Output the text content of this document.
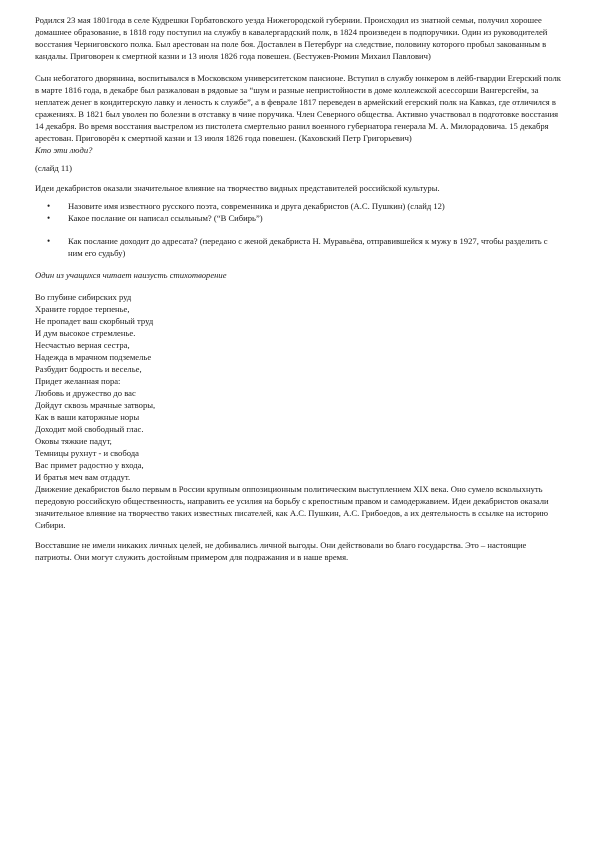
Родился 23 мая 1801года в селе Кудрешки Горбатовского уезда Нижегородской губернии. Происходил из знатной семьи, получил хорошее домашнее образование, в 1818 году поступил на службу в кавалергардский полк, в 1824 произведен в подпоручики. Один из руководителей восстания Черниговского полка. Был арестован на поле боя. Доставлен в Петербург на следствие, половину которого пробыл закованным в кандалы. Приговорен к смертной казни и 13 июля 1826 года повешен. (Бестужев-Рюмин Михаил Павлович)

Сын небогатого дворянина, воспитывался в Московском университетском пансионе. Вступил в службу юнкером в лейб-гвардии Егерский полк в марте 1816 года, в декабре был разжалован в рядовые за “шум и разные непристойности в доме коллежской асессорши Вангерсгейм, за неплатеж денег в кондитерскую лавку и леность к службе”, а в феврале 1817 переведен в армейский егерский полк на Кавказ, где отличился в сражениях. В 1821 был уволен по болезни в отставку в чине поручика. Член Северного общества. Активно участвовал в подготовке восстания 14 декабря. Во время восстания выстрелом из пистолета смертельно ранил военного губернатора генерала М. А. Милорадовича. 15 декабря арестован. Приговорён к смертной казни и 13 июля 1826 года повешен. (Каховский Петр Григорьевич)

Кто эти люди?

(слайд 11)

Идеи декабристов оказали значительное влияние на творчество видных представителей российской культуры.

• Назовите имя известного русского поэта, современника и друга декабристов (А.С. Пушкин) (слайд 12)
• Какое послание он написал ссыльным? (“В Сибирь”)
• Как послание доходит до адресата? (передано с женой декабриста Н. Муравьёва, отправившейся к мужу в 1927, чтобы разделить с ним его судьбу)

Один из учащихся читает наизусть стихотворение

Во глубине сибирских руд

Храните гордое терпенье,

Не пропадет ваш скорбный труд

И дум высокое стремленье.

Несчастью верная сестра,

Надежда в мрачном подземелье

Разбудит бодрость и веселье,

Придет желанная пора:

Любовь и дружество до вас

Дойдут сквозь мрачные затворы,

Как в ваши каторжные норы

Доходит мой свободный глас.

Оковы тяжкие падут,

Темницы рухнут - и свобода

Вас примет радостно у входа,

И братья меч вам отдадут.

Движение декабристов было первым в России крупным оппозиционным политическим выступлением XIX века. Оно сумело всколыхнуть передовую российскую общественность, направить ее усилия на борьбу с крепостным правом и самодержавием. Идеи декабристов оказали значительное влияние на творчество таких известных писателей, как А.С. Пушкин, А.С. Грибоедов, а их деятельность в ссылке на историю Сибири.

Восставшие не имели никаких личных целей, не добивались личной выгоды. Они действовали во благо государства. Это – настоящие патриоты. Они могут служить достойным примером для подражания и в наше время.
